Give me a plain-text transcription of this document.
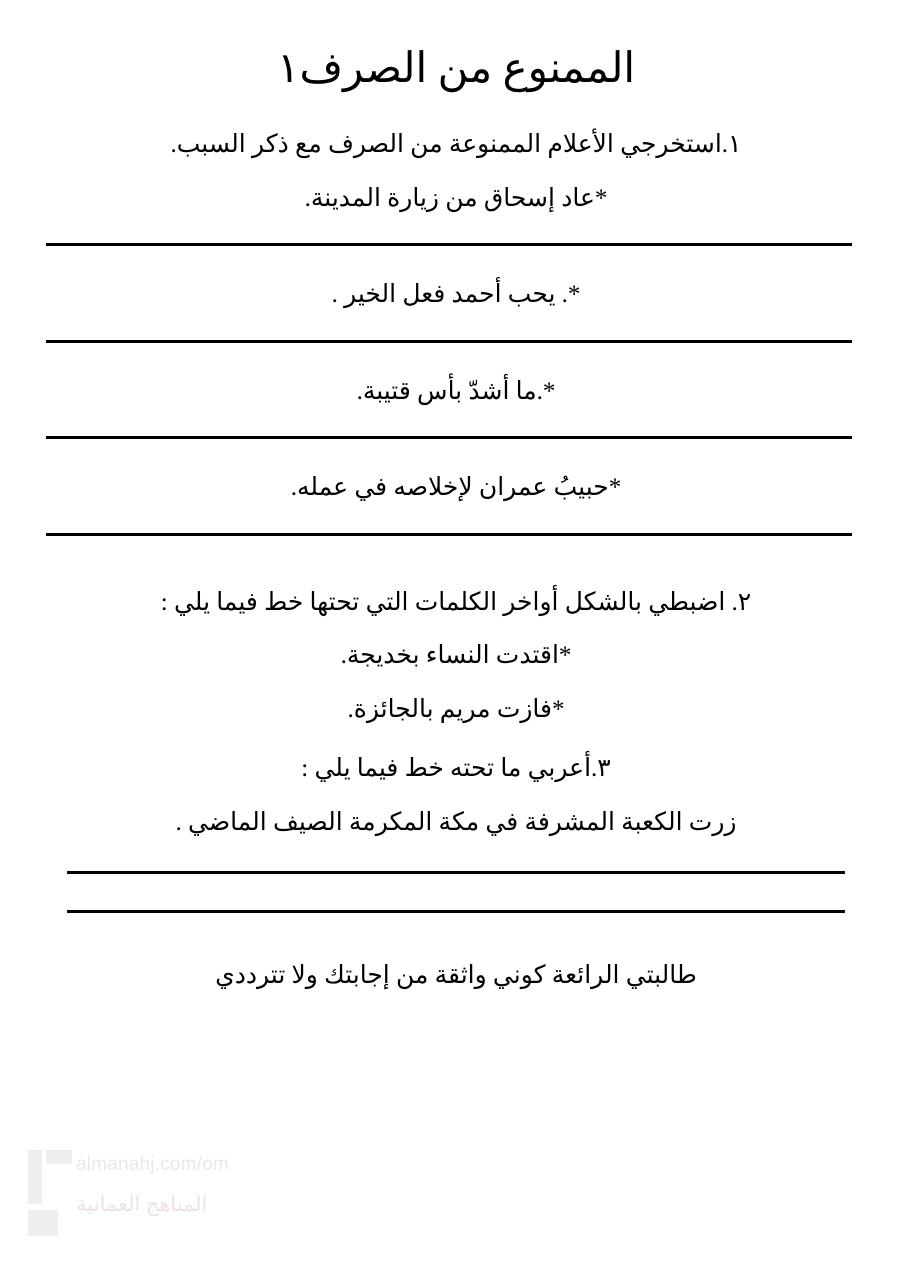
الممنوع من الصرف١

١.استخرجي الأعلام الممنوعة من الصرف مع ذكر السبب.

*عاد إسحاق من زيارة المدينة.

*. يحب أحمد فعل الخير .

*.ما أشدّ بأس قتيبة.

*حبيبُ عمران لإخلاصه في عمله.

٢. اضبطي بالشكل أواخر الكلمات التي تحتها خط فيما يلي :

*اقتدت النساء بخديجة.

*فازت مريم بالجائزة.

٣.أعربي ما تحته خط فيما يلي :

زرت الكعبة المشرفة في مكة المكرمة الصيف الماضي .

طالبتي الرائعة كوني واثقة من إجابتك ولا تترددي

almanahj.com/om
المناهج العمانية
